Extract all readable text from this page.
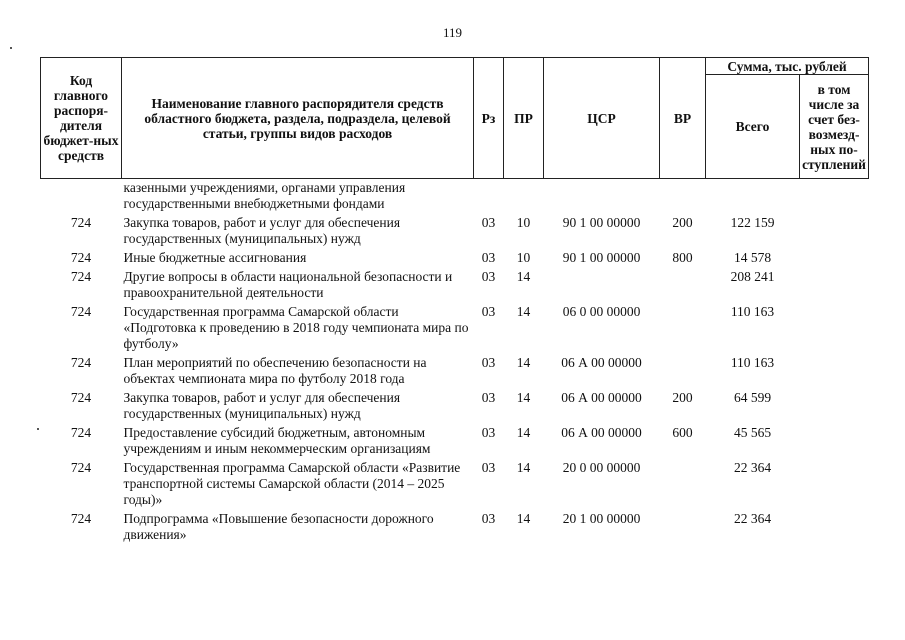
119
Код главного распоря-дителя бюджет-ных средств	Наименование главного распорядителя средств областного бюджета, раздела, подраздела, целевой статьи, группы видов расходов	Рз	ПР	ЦСР	ВР	Сумма, тыс. рублей	
						Всего	в том числе за счет без-возмезд-ных по-ступлений
	казенными учреждениями, органами управления государственными внебюджетными фондами						
724	Закупка товаров, работ и услуг для обеспечения государственных (муниципальных) нужд	03	10	90 1 00 00000	200	122 159	
724	Иные бюджетные ассигнования	03	10	90 1 00 00000	800	14 578	
724	Другие вопросы в области национальной безопасности и правоохранительной деятельности	03	14			208 241	
724	Государственная программа Самарской области «Подготовка к проведению в 2018 году чемпионата мира по футболу»	03	14	06 0 00 00000		110 163	
724	План мероприятий по обеспечению безопасности на объектах чемпионата мира по футболу 2018 года	03	14	06 А 00 00000		110 163	
724	Закупка товаров, работ и услуг для обеспечения государственных (муниципальных) нужд	03	14	06 А 00 00000	200	64 599	
724	Предоставление субсидий бюджетным, автономным учреждениям и иным некоммерческим организациям	03	14	06 А 00 00000	600	45 565	
724	Государственная программа Самарской области «Развитие транспортной системы Самарской области (2014 – 2025 годы)»	03	14	20 0 00 00000		22 364	
724	Подпрограмма «Повышение безопасности дорожного движения»	03	14	20 1 00 00000		22 364	
